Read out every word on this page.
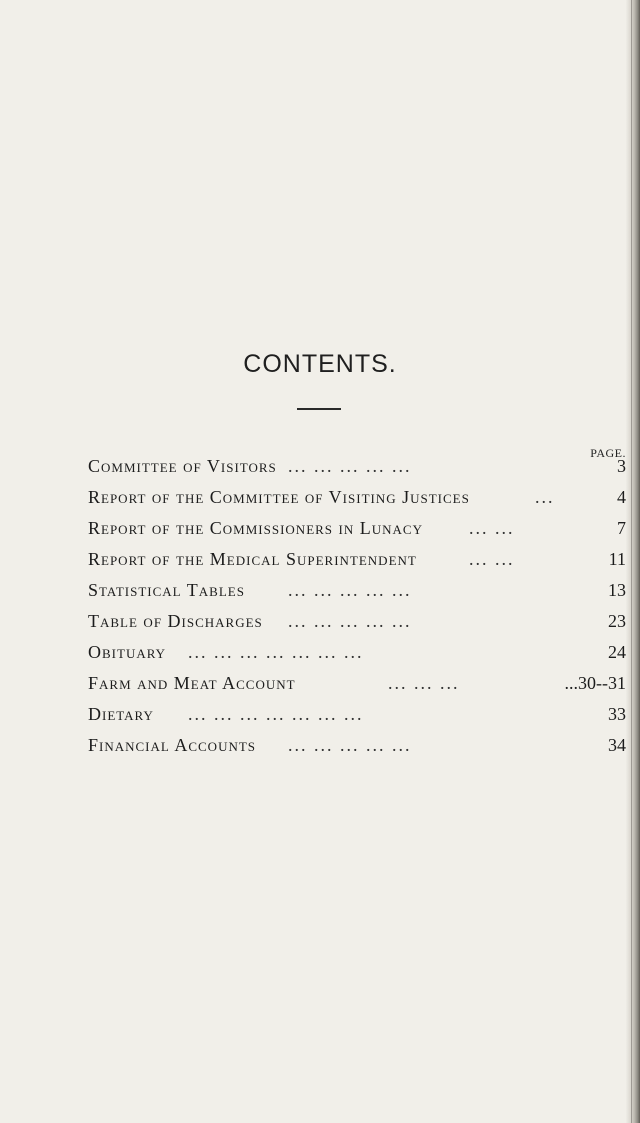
CONTENTS.
PAGE.
Committee of Visitors ... ... ... ... ...	3
Report of the Committee of Visiting Justices	...	4
Report of the Commissioners in Lunacy	... ...	7
Report of the Medical Superintendent	... ...	11
Statistical Tables ... ... ... ... ...	13
Table of Discharges ... ... ... ... ...	23
Obituary ... ... ... ... ... ... ...	24
Farm and Meat Account	... ... ...	...30--31
Dietary ... ... ... ... ... ... ...	33
Financial Accounts ... ... ... ... ...	34
